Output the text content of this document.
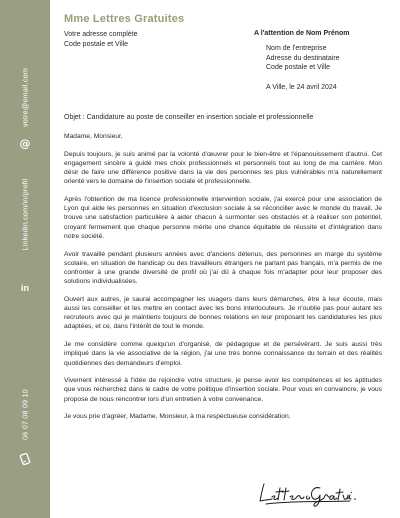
votre@email.com
@
Linkedin.com/in/profil
in
06 07 08 09 10
Mme Lettres Gratuites
Votre adresse complète
Code postale et Ville
A l'attention de Nom Prénom
Nom de l'entreprise
Adresse du destinataire
Code postale et Ville
A Ville, le 24 avril 2024
Objet : Candidature au poste de conseiller en insertion sociale et professionnelle

Madame, Monsieur,

Depuis toujours, je suis animé par la volonté d'œuvrer pour le bien-être et l'épanouissement d'autrui. Cet engagement sincère a guidé mes choix professionnels et personnels tout au long de ma carrière. Mon désir de faire une différence positive dans la vie des personnes les plus vulnérables m'a naturellement orienté vers le domaine de l'insertion sociale et professionnelle.

Après l'obtention de ma licence professionnelle intervention sociale, j'ai exercé pour une association de Lyon qui aide les personnes en situation d'exclusion sociale à se réconcilier avec le monde du travail. Je trouve une satisfaction particulière à aider chacun à surmonter ses obstacles et à réaliser son potentiel, croyant fermement que chaque personne mérite une chance équitable de réussite et d'intégration dans notre société.

Avoir travaillé pendant plusieurs années avec d'anciens détenus, des personnes en marge du système scolaire, en situation de handicap ou des travailleurs étrangers ne parlant pas français, m'a permis de me confronter à une grande diversité de profil où j'ai dû à chaque fois m'adapter pour leur proposer des solutions individualisées.

Ouvert aux autres, je saurai accompagner les usagers dans leurs démarches, être à leur écoute, mais aussi les conseiller et les mettre en contact avec les bons interlocuteurs. Je n'oublie pas pour autant les recruteurs avec qui je maintiens toujours de bonnes relations en leur proposant les candidatures les plus adaptées, et ce, dans l'intérêt de tout le monde.

Je me considère comme quelqu'un d'organisé, de pédagogue et de persévérant. Je suis aussi très impliqué dans la vie associative de la région, j'ai une très bonne connaissance du terrain et des réalités quotidiennes des demandeurs d'emploi.

Vivement intéressé à l'idée de rejoindre votre structure, je pense avoir les compétences et les aptitudes que vous recherchez dans le cadre de votre politique d'insertion sociale. Pour vous en convaincre, je vous propose de nous rencontrer lors d'un entretien à votre convenance.

Je vous prie d'agréer, Madame, Monsieur, à ma respectueuse considération.
